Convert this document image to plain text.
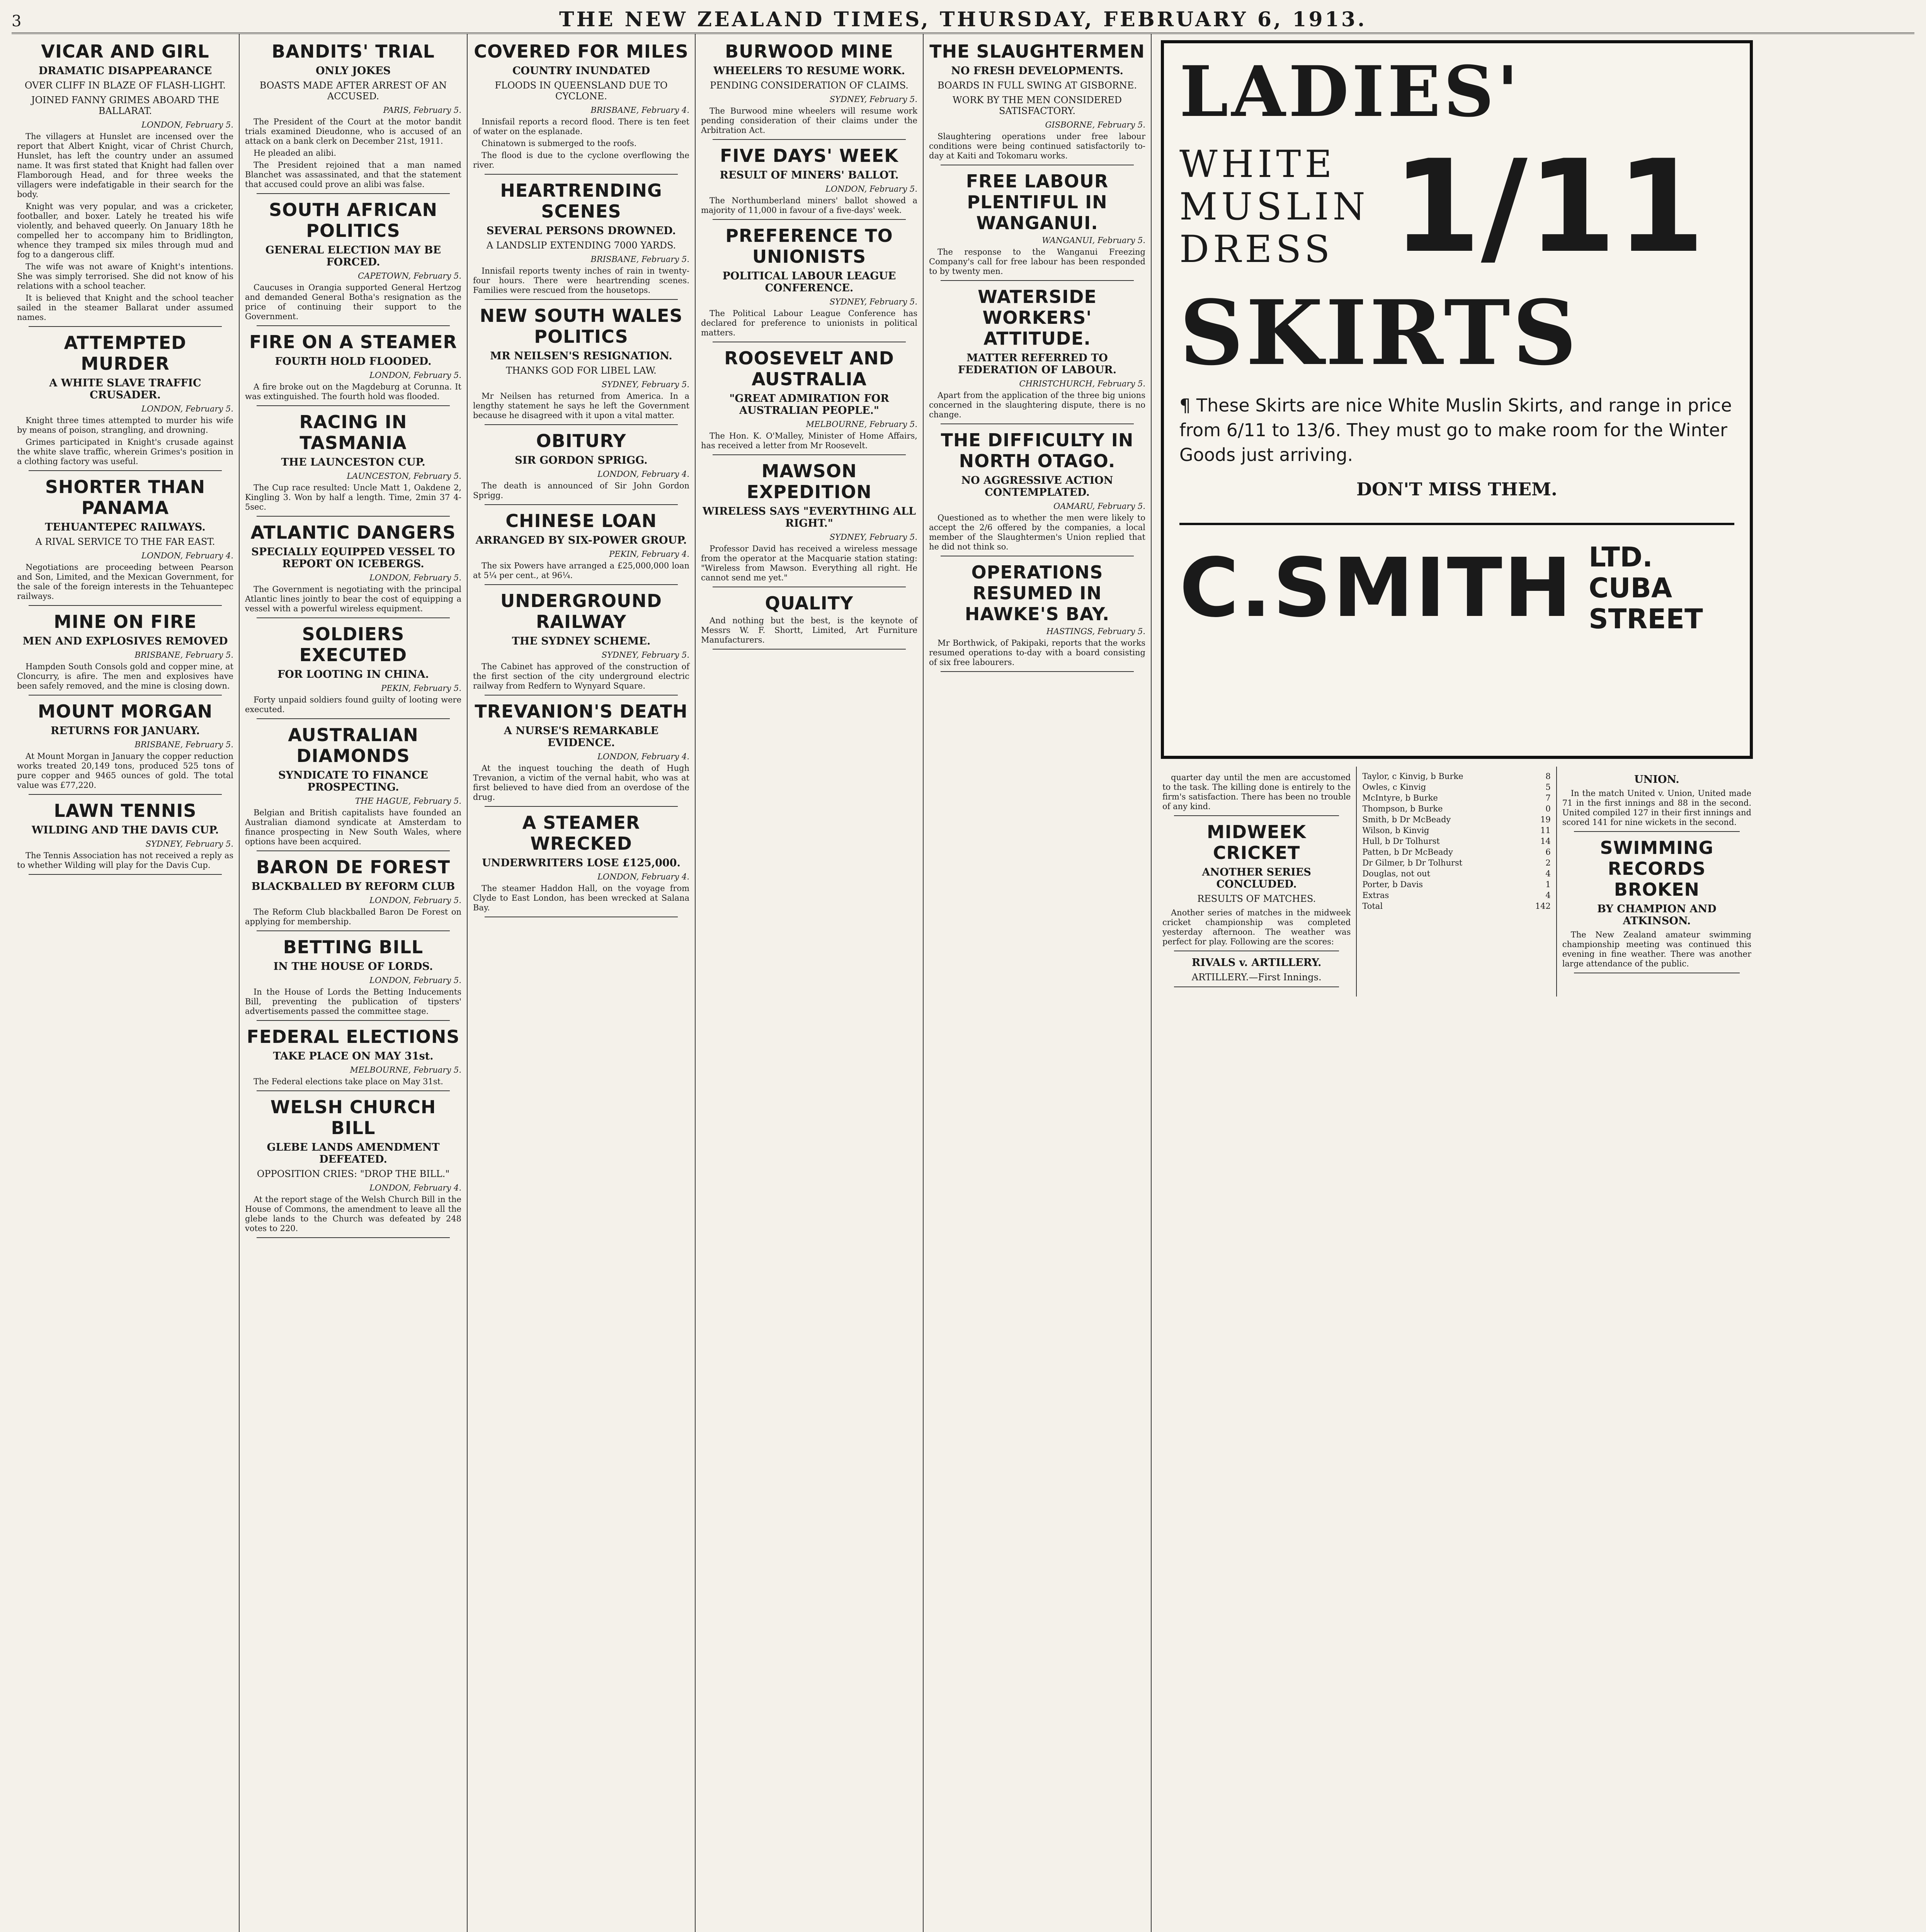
3	THE NEW ZEALAND TIMES, THURSDAY, FEBRUARY 6, 1913.
VICAR AND GIRL
DRAMATIC DISAPPEARANCE
OVER CLIFF IN BLAZE OF FLASH-LIGHT.
JOINED FANNY GRIMES ABOARD THE BALLARAT.

LONDON, February 5.

The villagers at Hunslet are incensed over the report that Albert Knight, vicar of Christ Church, Hunslet, has left the country under an assumed name. It was first stated that Knight had fallen over Flamborough Head, and for three weeks the villagers were indefatigable in their search for the body.

Knight was very popular, and was a cricketer, footballer, and boxer. Lately he treated his wife violently, and behaved queerly. On January 18th he compelled her to accompany him to Bridlington, whence they tramped six miles through mud and fog to a dangerous cliff.

The wife was not aware of Knight's intentions. She was simply terrorised. She did not know of his relations with a school teacher.

It is believed that Knight and the school teacher sailed in the steamer Ballarat under assumed names.

ATTEMPTED MURDER
A WHITE SLAVE TRAFFIC CRUSADER.

LONDON, February 5.

Knight three times attempted to murder his wife by means of poison, strangling, and drowning.

Grimes participated in Knight's crusade against the white slave traffic, wherein Grimes's position in a clothing factory was useful.

SHORTER THAN PANAMA
TEHUANTEPEC RAILWAYS.
A RIVAL SERVICE TO THE FAR EAST.

LONDON, February 4.

Negotiations are proceeding between Pearson and Son, Limited, and the Mexican Government, for the sale of the foreign interests in the Tehuantepec railways.

MINE ON FIRE
MEN AND EXPLOSIVES REMOVED

BRISBANE, February 5.

Hampden South Consols gold and copper mine, at Cloncurry, is afire. The men and explosives have been safely removed, and the mine is closing down.

MOUNT MORGAN
RETURNS FOR JANUARY.

BRISBANE, February 5.

At Mount Morgan in January the copper reduction works treated 20,149 tons, produced 525 tons of pure copper and 9465 ounces of gold. The total value was £77,220.

LAWN TENNIS
WILDING AND THE DAVIS CUP.

SYDNEY, February 5.

The Tennis Association has not received a reply as to whether Wilding will play for the Davis Cup.

BANDITS' TRIAL
ONLY JOKES
BOASTS MADE AFTER ARREST OF AN ACCUSED.

PARIS, February 5.

The President of the Court at the motor bandit trials examined Dieudonne, who is accused of an attack on a bank clerk on December 21st, 1911.

He pleaded an alibi.

The President rejoined that a man named Blanchet was assassinated, and that the statement that accused could prove an alibi was false.

SOUTH AFRICAN POLITICS
GENERAL ELECTION MAY BE FORCED.

CAPETOWN, February 5.

Caucuses in Orangia supported General Hertzog and demanded General Botha's resignation as the price of continuing their support to the Government.

FIRE ON A STEAMER
FOURTH HOLD FLOODED.

LONDON, February 5.

A fire broke out on the Magdeburg at Corunna. It was extinguished. The fourth hold was flooded.

RACING IN TASMANIA
THE LAUNCESTON CUP.

LAUNCESTON, February 5.

The Cup race resulted: Uncle Matt 1, Oakdene 2, Kingling 3. Won by half a length. Time, 2min 37 4-5sec.

ATLANTIC DANGERS
SPECIALLY EQUIPPED VESSEL TO REPORT ON ICEBERGS.

LONDON, February 5.

The Government is negotiating with the principal Atlantic lines jointly to bear the cost of equipping a vessel with a powerful wireless equipment.

SOLDIERS EXECUTED
FOR LOOTING IN CHINA.

PEKIN, February 5.

Forty unpaid soldiers found guilty of looting were executed.

AUSTRALIAN DIAMONDS
SYNDICATE TO FINANCE PROSPECTING.

THE HAGUE, February 5.

Belgian and British capitalists have founded an Australian diamond syndicate at Amsterdam to finance prospecting in New South Wales, where options have been acquired.

BARON DE FOREST
BLACKBALLED BY REFORM CLUB

LONDON, February 5.

The Reform Club blackballed Baron De Forest on applying for membership.

BETTING BILL
IN THE HOUSE OF LORDS.

LONDON, February 5.

In the House of Lords the Betting Inducements Bill, preventing the publication of tipsters' advertisements passed the committee stage.

FEDERAL ELECTIONS
TAKE PLACE ON MAY 31st.

MELBOURNE, February 5.

The Federal elections take place on May 31st.

WELSH CHURCH BILL
GLEBE LANDS AMENDMENT DEFEATED.
OPPOSITION CRIES: "DROP THE BILL."

LONDON, February 4.

At the report stage of the Welsh Church Bill in the House of Commons, the amendment to leave all the glebe lands to the Church was defeated by 248 votes to 220.

COVERED FOR MILES
COUNTRY INUNDATED
FLOODS IN QUEENSLAND DUE TO CYCLONE.

BRISBANE, February 4.

Innisfail reports a record flood. There is ten feet of water on the esplanade.

Chinatown is submerged to the roofs.

The flood is due to the cyclone overflowing the river.

HEARTRENDING SCENES
SEVERAL PERSONS DROWNED.
A LANDSLIP EXTENDING 7000 YARDS.

BRISBANE, February 5.

Innisfail reports twenty inches of rain in twenty-four hours. There were heartrending scenes. Families were rescued from the housetops.

NEW SOUTH WALES POLITICS
MR NEILSEN'S RESIGNATION.
THANKS GOD FOR LIBEL LAW.

SYDNEY, February 5.

Mr Neilsen has returned from America. In a lengthy statement he says he left the Government because he disagreed with it upon a vital matter.

OBITURY
SIR GORDON SPRIGG.

LONDON, February 4.

The death is announced of Sir John Gordon Sprigg.

CHINESE LOAN
ARRANGED BY SIX-POWER GROUP.

PEKIN, February 4.

The six Powers have arranged a £25,000,000 loan at 5¼ per cent., at 96¼.

UNDERGROUND RAILWAY
THE SYDNEY SCHEME.

SYDNEY, February 5.

The Cabinet has approved of the construction of the first section of the city underground electric railway from Redfern to Wynyard Square.

TREVANION'S DEATH
A NURSE'S REMARKABLE EVIDENCE.

LONDON, February 4.

At the inquest touching the death of Hugh Trevanion, a victim of the vernal habit, who was at first believed to have died from an overdose of the drug.

A STEAMER WRECKED
UNDERWRITERS LOSE £125,000.

LONDON, February 4.

The steamer Haddon Hall, on the voyage from Clyde to East London, has been wrecked at Salana Bay.

BURWOOD MINE
WHEELERS TO RESUME WORK.
PENDING CONSIDERATION OF CLAIMS.

SYDNEY, February 5.

The Burwood mine wheelers will resume work pending consideration of their claims under the Arbitration Act.

FIVE DAYS' WEEK
RESULT OF MINERS' BALLOT.

LONDON, February 5.

The Northumberland miners' ballot showed a majority of 11,000 in favour of a five-days' week.

PREFERENCE TO UNIONISTS
POLITICAL LABOUR LEAGUE CONFERENCE.

SYDNEY, February 5.

The Political Labour League Conference has declared for preference to unionists in political matters.

ROOSEVELT AND AUSTRALIA
"GREAT ADMIRATION FOR AUSTRALIAN PEOPLE."

MELBOURNE, February 5.

The Hon. K. O'Malley, Minister of Home Affairs, has received a letter from Mr Roosevelt.

MAWSON EXPEDITION
WIRELESS SAYS "EVERYTHING ALL RIGHT."

SYDNEY, February 5.

Professor David has received a wireless message from the operator at the Macquarie station stating: "Wireless from Mawson. Everything all right. He cannot send me yet."

QUALITY

And nothing but the best, is the keynote of Messrs W. F. Shortt, Limited, Art Furniture Manufacturers.

THE SLAUGHTERMEN
NO FRESH DEVELOPMENTS.
BOARDS IN FULL SWING AT GISBORNE.
WORK BY THE MEN CONSIDERED SATISFACTORY.

GISBORNE, February 5.

Slaughtering operations under free labour conditions were being continued satisfactorily to-day at Kaiti and Tokomaru works.

FREE LABOUR PLENTIFUL IN WANGANUI.

WANGANUI, February 5.

The response to the Wanganui Freezing Company's call for free labour has been responded to by twenty men.

WATERSIDE WORKERS' ATTITUDE.
MATTER REFERRED TO FEDERATION OF LABOUR.

CHRISTCHURCH, February 5.

Apart from the application of the three big unions concerned in the slaughtering dispute, there is no change.

THE DIFFICULTY IN NORTH OTAGO.
NO AGGRESSIVE ACTION CONTEMPLATED.

OAMARU, February 5.

Questioned as to whether the men were likely to accept the 2/6 offered by the companies, a local member of the Slaughtermen's Union replied that he did not think so.

OPERATIONS RESUMED IN HAWKE'S BAY.

HASTINGS, February 5.

Mr Borthwick, of Pakipaki, reports that the works resumed operations to-day with a board consisting of six free labourers.

LADIES'
WHITE
MUSLIN
DRESS 1/11
SKIRTS
¶ These Skirts are nice White Muslin Skirts, and range in price from 6/11 to 13/6. They must go to make room for the Winter Goods just arriving.
DON'T MISS THEM.
C.SMITH LTD.
CUBA
STREET

quarter day until the men are accustomed to the task. The killing done is entirely to the firm's satisfaction. There has been no trouble of any kind.

MIDWEEK CRICKET
ANOTHER SERIES CONCLUDED.
RESULTS OF MATCHES.

Another series of matches in the midweek cricket championship was completed yesterday afternoon. The weather was perfect for play. Following are the scores:

RIVALS v. ARTILLERY.
ARTILLERY.—First Innings.
Taylor, c Kinvig, b Burke	8
Owles, c Kinvig	5
McIntyre, b Burke	7
Thompson, b Burke	0
Smith, b Dr McBeady	19
Wilson, b Kinvig	11
Hull, b Dr Tolhurst	14
Patten, b Dr McBeady	6
Dr Gilmer, b Dr Tolhurst	2
Douglas, not out	4
Porter, b Davis	1
Extras	4
Total	142
UNION.

In the match United v. Union, United made 71 in the first innings and 88 in the second. United compiled 127 in their first innings and scored 141 for nine wickets in the second.

SWIMMING RECORDS BROKEN
BY CHAMPION AND ATKINSON.

The New Zealand amateur swimming championship meeting was continued this evening in fine weather. There was another large attendance of the public.
